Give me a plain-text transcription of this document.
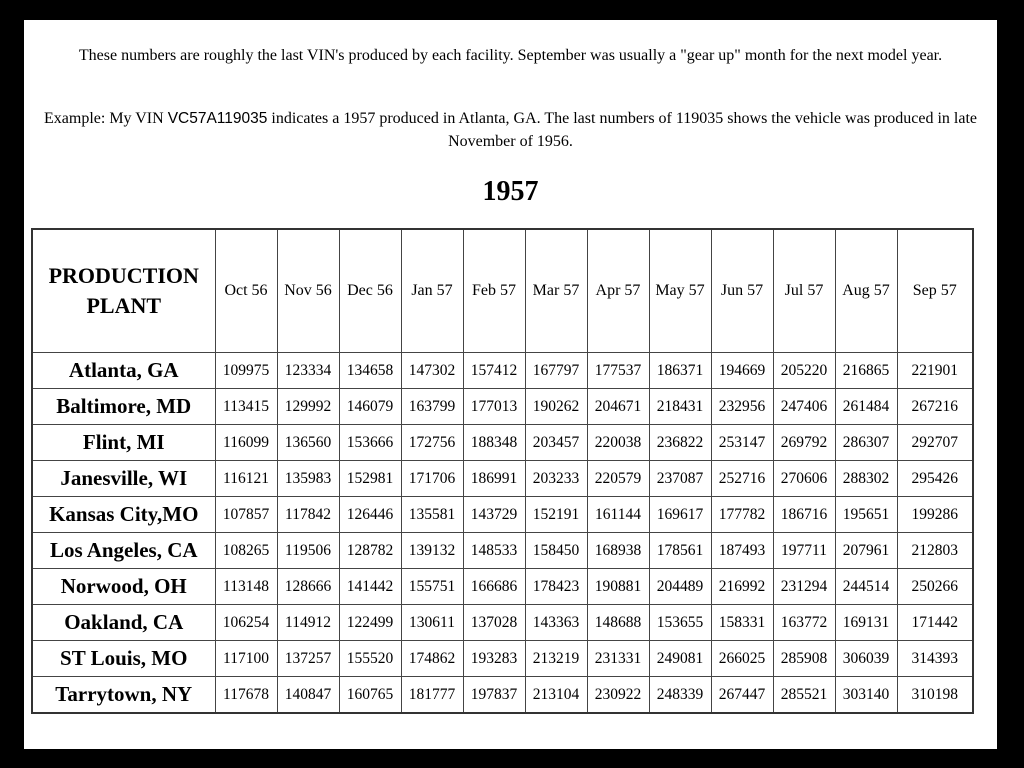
These numbers are roughly the last VIN's produced by each facility. September was usually a "gear up" month for the next model year.
Example: My VIN VC57A119035 indicates a 1957 produced in Atlanta, GA. The last numbers of 119035 shows the vehicle was produced in late November of 1956.
1957
PRODUCTION
PLANT	Oct 56	Nov 56	Dec 56	Jan 57	Feb 57	Mar 57	Apr 57	May 57	Jun 57	Jul 57	Aug 57	Sep 57
Atlanta, GA	109975	123334	134658	147302	157412	167797	177537	186371	194669	205220	216865	221901
Baltimore, MD	113415	129992	146079	163799	177013	190262	204671	218431	232956	247406	261484	267216
Flint, MI	116099	136560	153666	172756	188348	203457	220038	236822	253147	269792	286307	292707
Janesville, WI	116121	135983	152981	171706	186991	203233	220579	237087	252716	270606	288302	295426
Kansas City,MO	107857	117842	126446	135581	143729	152191	161144	169617	177782	186716	195651	199286
Los Angeles, CA	108265	119506	128782	139132	148533	158450	168938	178561	187493	197711	207961	212803
Norwood, OH	113148	128666	141442	155751	166686	178423	190881	204489	216992	231294	244514	250266
Oakland, CA	106254	114912	122499	130611	137028	143363	148688	153655	158331	163772	169131	171442
ST Louis, MO	117100	137257	155520	174862	193283	213219	231331	249081	266025	285908	306039	314393
Tarrytown, NY	117678	140847	160765	181777	197837	213104	230922	248339	267447	285521	303140	310198
